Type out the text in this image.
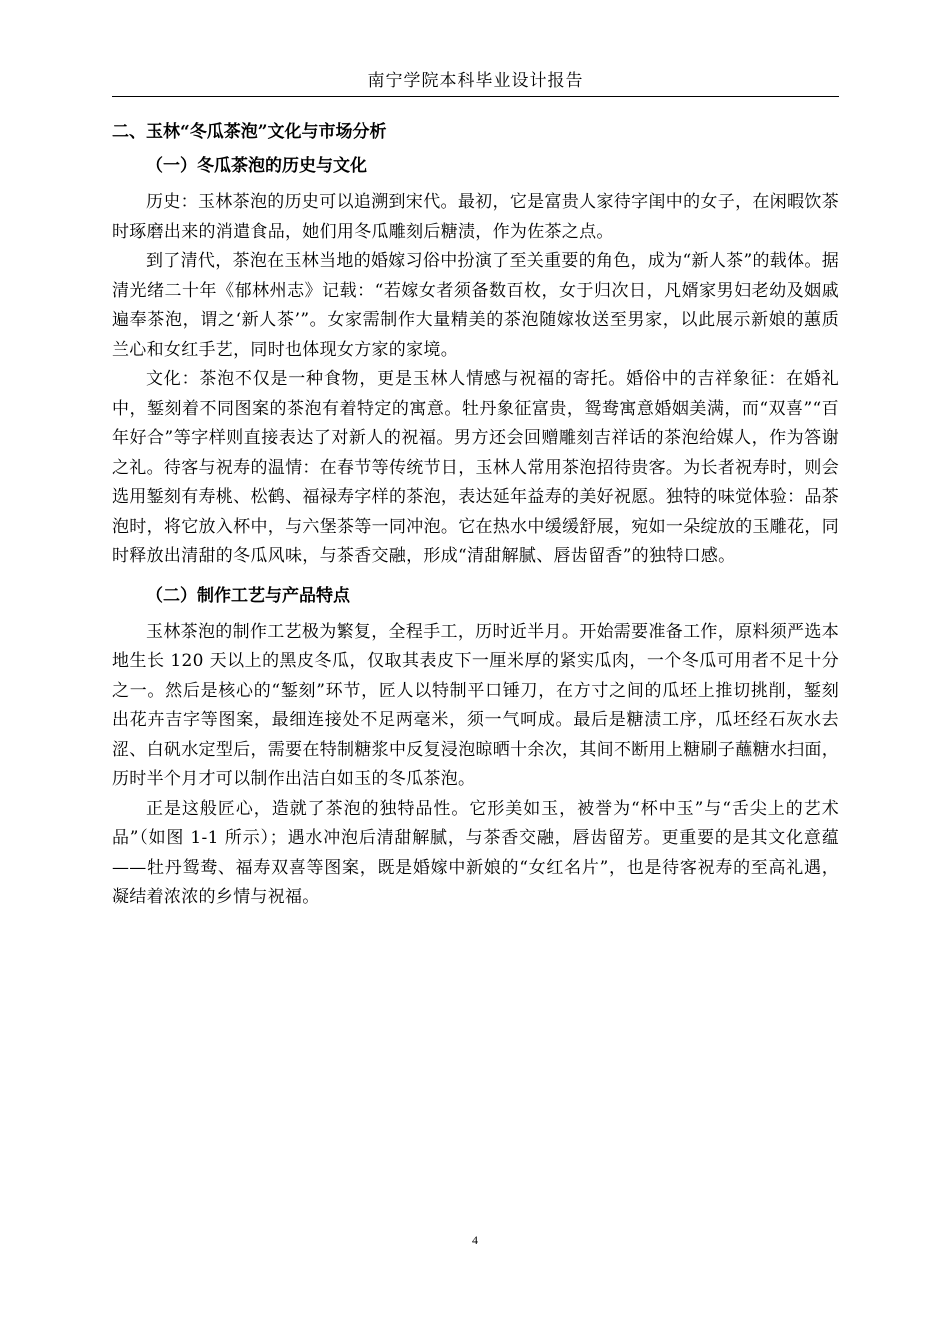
南宁学院本科毕业设计报告
二、玉林“冬瓜茶泡”文化与市场分析
（一）冬瓜茶泡的历史与文化

历史：玉林茶泡的历史可以追溯到宋代。最初，它是富贵人家待字闺中的女子，在闲暇饮茶时琢磨出来的消遣食品，她们用冬瓜雕刻后糖渍，作为佐茶之点。

到了清代，茶泡在玉林当地的婚嫁习俗中扮演了至关重要的角色，成为“新人茶”的载体。据清光绪二十年《郁林州志》记载：“若嫁女者须备数百枚，女于归次日，凡婿家男妇老幼及姻戚遍奉茶泡，谓之‘新人茶’”。女家需制作大量精美的茶泡随嫁妆送至男家，以此展示新娘的蕙质兰心和女红手艺，同时也体现女方家的家境。

文化：茶泡不仅是一种食物，更是玉林人情感与祝福的寄托。婚俗中的吉祥象征：在婚礼中，錾刻着不同图案的茶泡有着特定的寓意。牡丹象征富贵，鸳鸯寓意婚姻美满，而“双喜”“百年好合”等字样则直接表达了对新人的祝福。男方还会回赠雕刻吉祥话的茶泡给媒人，作为答谢之礼。待客与祝寿的温情：在春节等传统节日，玉林人常用茶泡招待贵客。为长者祝寿时，则会选用錾刻有寿桃、松鹤、福禄寿字样的茶泡，表达延年益寿的美好祝愿。独特的味觉体验：品茶泡时，将它放入杯中，与六堡茶等一同冲泡。它在热水中缓缓舒展，宛如一朵绽放的玉雕花，同时释放出清甜的冬瓜风味，与茶香交融，形成“清甜解腻、唇齿留香”的独特口感。

（二）制作工艺与产品特点

玉林茶泡的制作工艺极为繁复，全程手工，历时近半月。开始需要准备工作，原料须严选本地生长 120 天以上的黑皮冬瓜，仅取其表皮下一厘米厚的紧实瓜肉，一个冬瓜可用者不足十分之一。然后是核心的“錾刻”环节，匠人以特制平口锤刀，在方寸之间的瓜坯上推切挑削，錾刻出花卉吉字等图案，最细连接处不足两毫米，须一气呵成。最后是糖渍工序，瓜坯经石灰水去涩、白矾水定型后，需要在特制糖浆中反复浸泡晾晒十余次，其间不断用上糖刷子蘸糖水扫面，历时半个月才可以制作出洁白如玉的冬瓜茶泡。

正是这般匠心，造就了茶泡的独特品性。它形美如玉，被誉为“杯中玉”与“舌尖上的艺术品”（如图 1-1 所示）；遇水冲泡后清甜解腻，与茶香交融，唇齿留芳。更重要的是其文化意蕴——牡丹鸳鸯、福寿双喜等图案，既是婚嫁中新娘的“女红名片”，也是待客祝寿的至高礼遇，凝结着浓浓的乡情与祝福。

4
